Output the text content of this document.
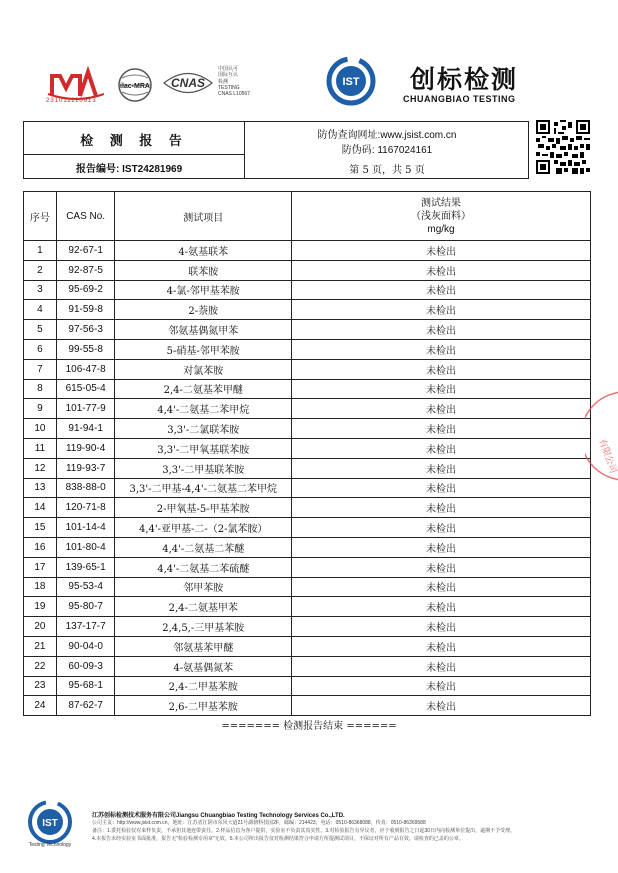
231011110913
ilac-MRA CNAS
中国认可
国际互认
检测
TESTING
CNAS L10567
IST 创标检测
CHUANGBIAO TESTING
检 测 报 告
报告编号: IST24281969
防伪查询网址:www.jsist.com.cn
防伪码: 1167024161
第 5 页，共 5 页
序号	CAS No.	测试项目	测试结果
（浅灰面料）
mg/kg

1	92-67-1	4-氨基联苯	未检出
2	92-87-5	联苯胺	未检出
3	95-69-2	4-氯-邻甲基苯胺	未检出
4	91-59-8	2-萘胺	未检出
5	97-56-3	邻氨基偶氮甲苯	未检出
6	99-55-8	5-硝基-邻甲苯胺	未检出
7	106-47-8	对氯苯胺	未检出
8	615-05-4	2,4-二氨基苯甲醚	未检出
9	101-77-9	4,4'-二氨基二苯甲烷	未检出
10	91-94-1	3,3'-二氯联苯胺	未检出
11	119-90-4	3,3'-二甲氧基联苯胺	未检出
12	119-93-7	3,3'-二甲基联苯胺	未检出
13	838-88-0	3,3'-二甲基-4,4'-二氨基二苯甲烷	未检出
14	120-71-8	2-甲氧基-5-甲基苯胺	未检出
15	101-14-4	4,4'-亚甲基-二-（2-氯苯胺）	未检出
16	101-80-4	4,4'-二氨基二苯醚	未检出
17	139-65-1	4,4'-二氨基二苯硫醚	未检出
18	95-53-4	邻甲苯胺	未检出
19	95-80-7	2,4-二氨基甲苯	未检出
20	137-17-7	2,4,5,-三甲基苯胺	未检出
21	90-04-0	邻氨基苯甲醚	未检出
22	60-09-3	4-氨基偶氮苯	未检出
23	95-68-1	2,4-二甲基苯胺	未检出
24	87-62-7	2,6-二甲基苯胺	未检出
======= 检测报告结束 ======
有限公司
IST
Testing Technology
江苏创标检测技术服务有限公司Jiangsu Chuangbiao Testing Technology Services Co.,LTD.
公司主页：http://www.jsist.com.cn，地址：江苏省江阴市东风大道21号湖塘科技园2F，邮编：214423，电话：0510-86368088，传真：0510-86369588
备注：1.委托检验仅对来样负责，不承担其他连带责任。2.样品信息为客户提供，实验室不负责其真实性。3.对检验报告有异议者，应于收到报告之日起30日内向检测单位提出，逾期不予受理。
4.本报告未经实验室书面批准，报告无"检验检测专用章"无效。5.本公司所出报告仅对检测结果符合申请方所提测试项目，不保证对所有产品有效，请检查的已盖的公章。
